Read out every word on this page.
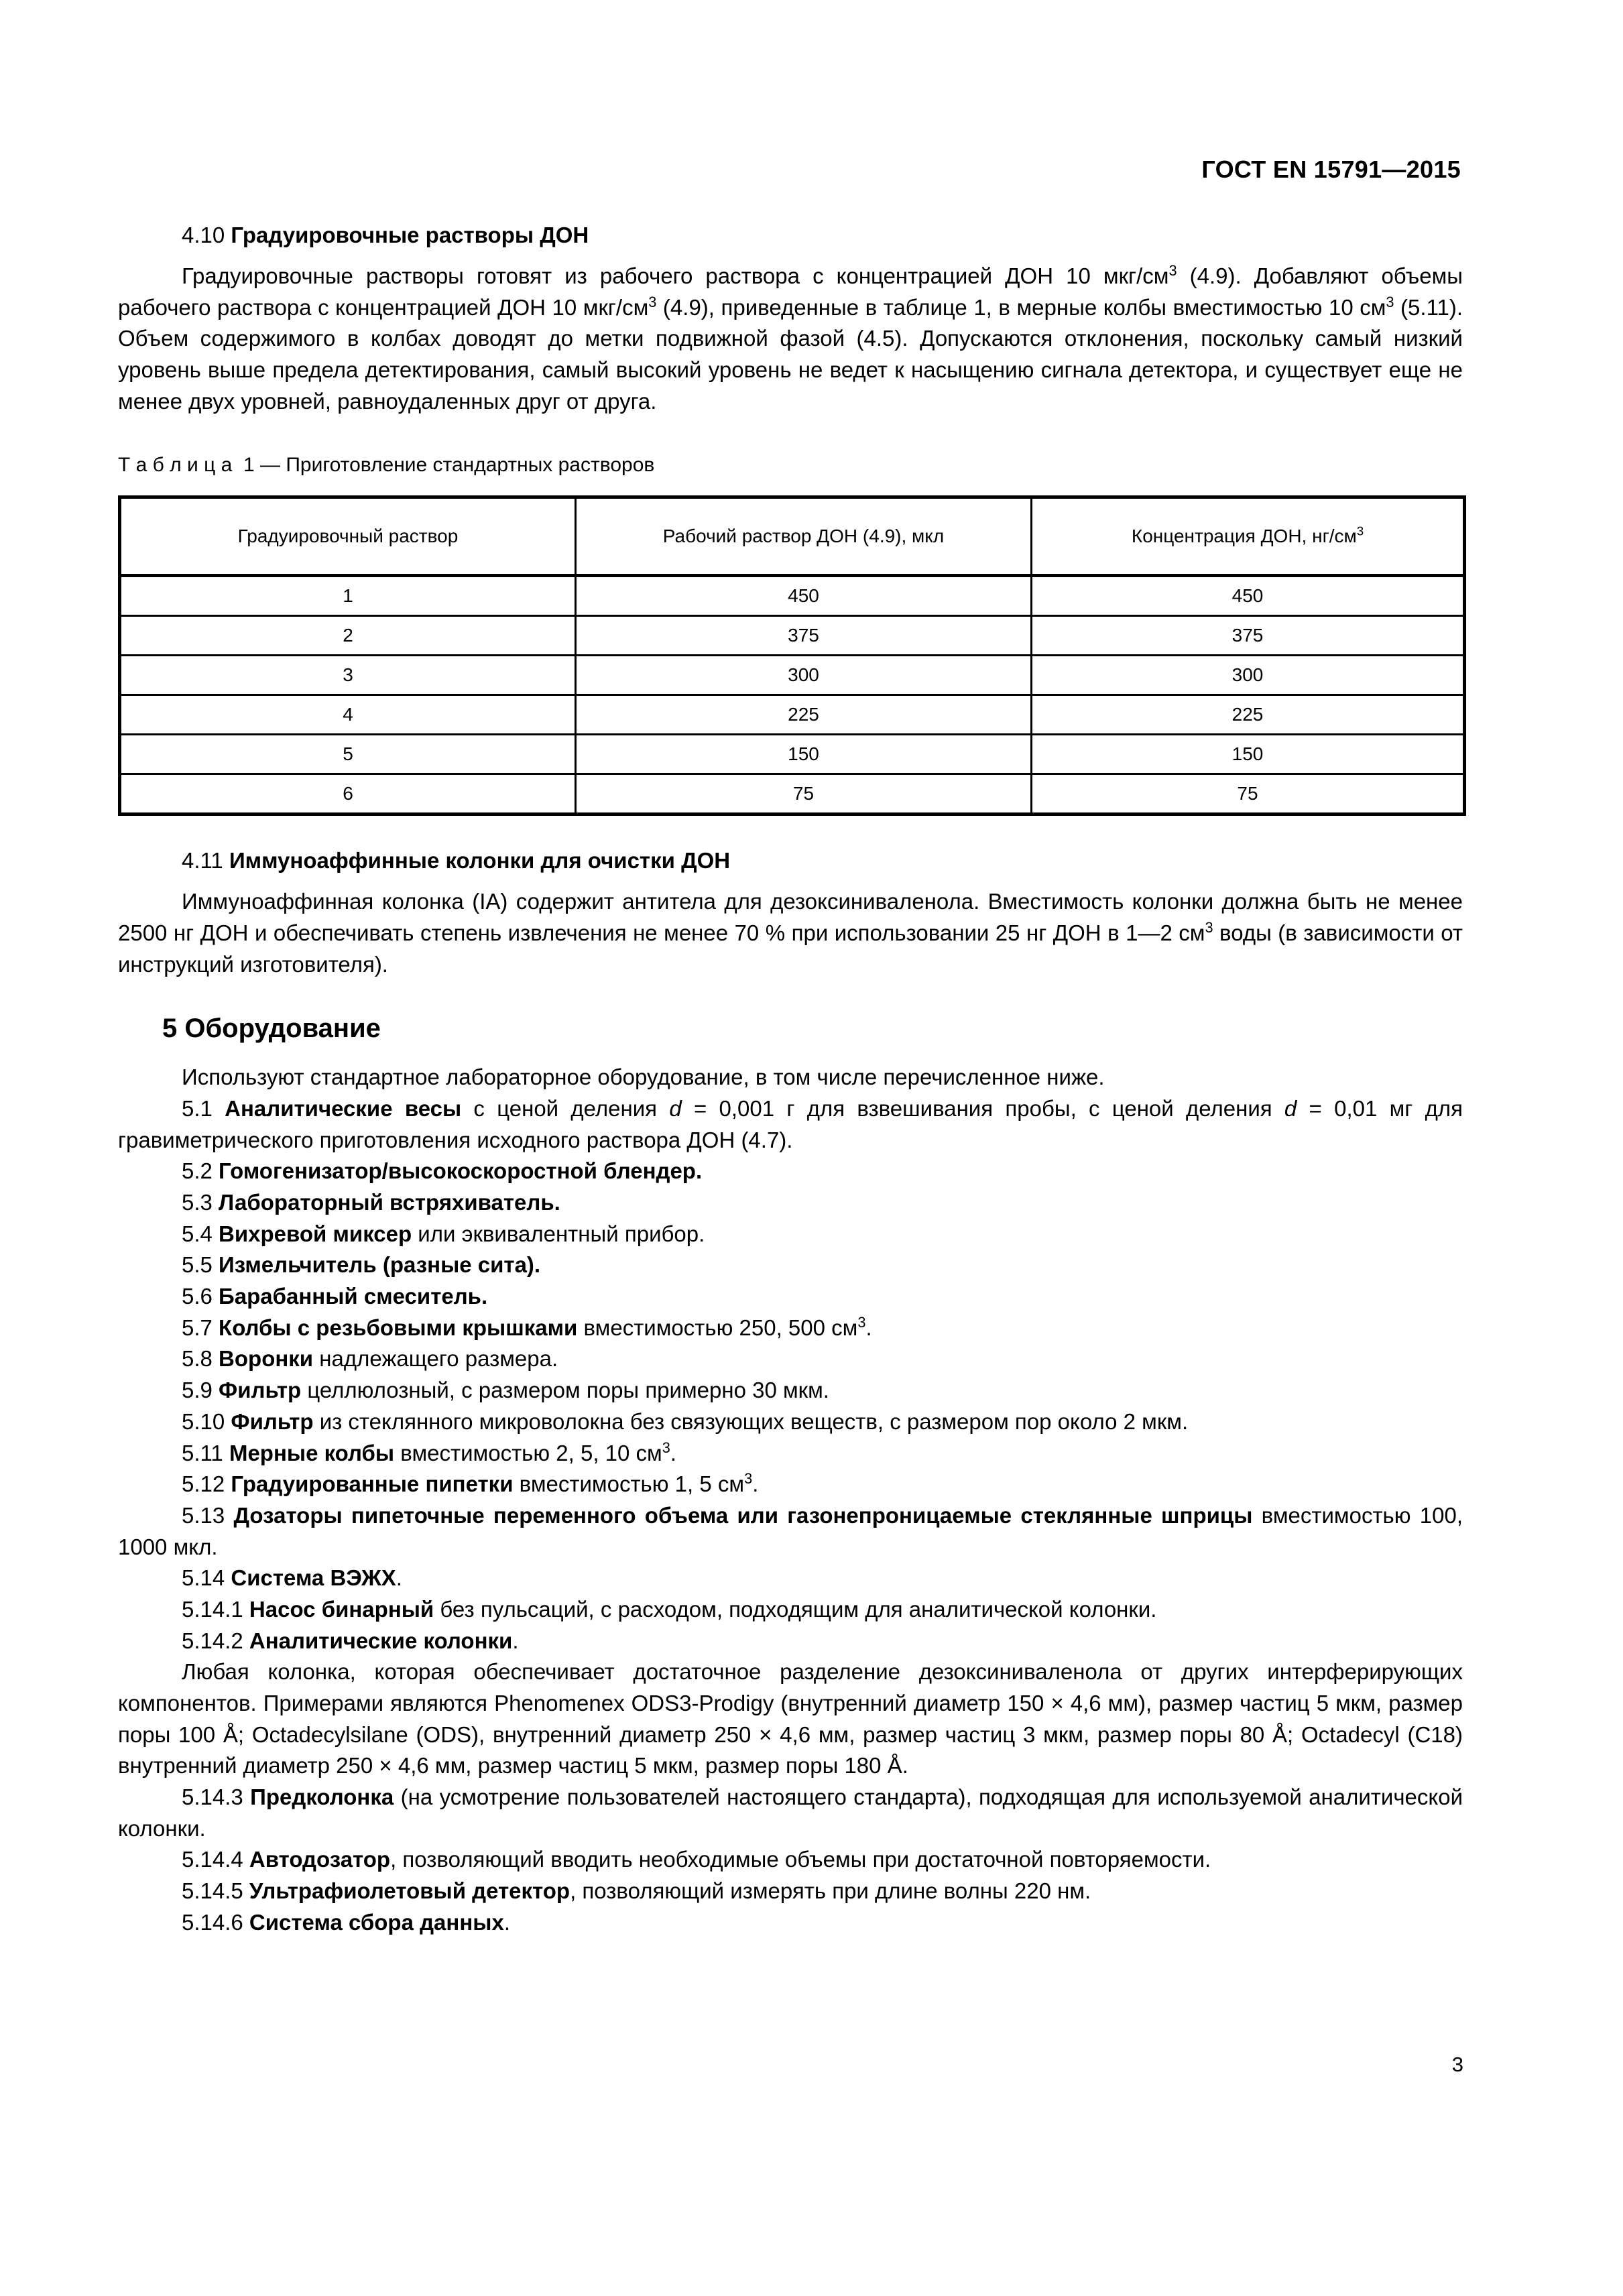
ГОСТ EN 15791—2015
4.10 Градуировочные растворы ДОН

Градуировочные растворы готовят из рабочего раствора с концентрацией ДОН 10 мкг/$см^3$ (4.9). Добавляют объемы рабочего раствора с концентрацией ДОН 10 мкг/$см^3$ (4.9), приведенные в таблице 1, в мерные колбы вместимостью 10 $см^3$ (5.11). Объем содержимого в колбах доводят до метки подвижной фазой (4.5). Допускаются отклонения, поскольку самый низкий уровень выше предела детектирования, самый высокий уровень не ведет к насыщению сигнала детектора, и существует еще не менее двух уровней, равноудаленных друг от друга.

Т а б л и ц а  1 — Приготовление стандартных растворов
Градуировочный раствор	Рабочий раствор ДОН (4.9), мкл	Концентрация ДОН, $нг/см^3$
1	450	450
2	375	375
3	300	300
4	225	225
5	150	150
6	75	75
4.11 Иммуноаффинные колонки для очистки ДОН

Иммуноаффинная колонка (IA) содержит антитела для дезоксиниваленола. Вместимость колонки должна быть не менее 2500 нг ДОН и обеспечивать степень извлечения не менее 70 % при использовании 25 нг ДОН в 1—2 $см^3$ воды (в зависимости от инструкций изготовителя).

5 Оборудование

Используют стандартное лабораторное оборудование, в том числе перечисленное ниже.

5.1 Аналитические весы с ценой деления d = 0,001 г для взвешивания пробы, с ценой деления d = 0,01 мг для гравиметрического приготовления исходного раствора ДОН (4.7).

5.2 Гомогенизатор/высокоскоростной блендер.

5.3 Лабораторный встряхиватель.

5.4 Вихревой миксер или эквивалентный прибор.

5.5 Измельчитель (разные сита).

5.6 Барабанный смеситель.

5.7 Колбы с резьбовыми крышками вместимостью 250, 500 $см^3$.

5.8 Воронки надлежащего размера.

5.9 Фильтр целлюлозный, с размером поры примерно 30 мкм.

5.10 Фильтр из стеклянного микроволокна без связующих веществ, с размером пор около 2 мкм.

5.11 Мерные колбы вместимостью 2, 5, 10 $см^3$.

5.12 Градуированные пипетки вместимостью 1, 5 $см^3$.

5.13 Дозаторы пипеточные переменного объема или газонепроницаемые стеклянные шприцы вместимостью 100, 1000 мкл.

5.14 Система ВЭЖХ.

5.14.1 Насос бинарный без пульсаций, с расходом, подходящим для аналитической колонки.

5.14.2 Аналитические колонки.

Любая колонка, которая обеспечивает достаточное разделение дезоксиниваленола от других интерферирующих компонентов. Примерами являются Phenomenex ODS3-Prodigy (внутренний диаметр 150 × 4,6 мм), размер частиц 5 мкм, размер поры 100 Å; Octadecylsilane (ODS), внутренний диаметр 250 × 4,6 мм, размер частиц 3 мкм, размер поры 80 Å; Octadecyl (C18) внутренний диаметр 250 × 4,6 мм, размер частиц 5 мкм, размер поры 180 Å.

5.14.3 Предколонка (на усмотрение пользователей настоящего стандарта), подходящая для используемой аналитической колонки.

5.14.4 Автодозатор, позволяющий вводить необходимые объемы при достаточной повторяемости.

5.14.5 Ультрафиолетовый детектор, позволяющий измерять при длине волны 220 нм.

5.14.6 Система сбора данных.

3
